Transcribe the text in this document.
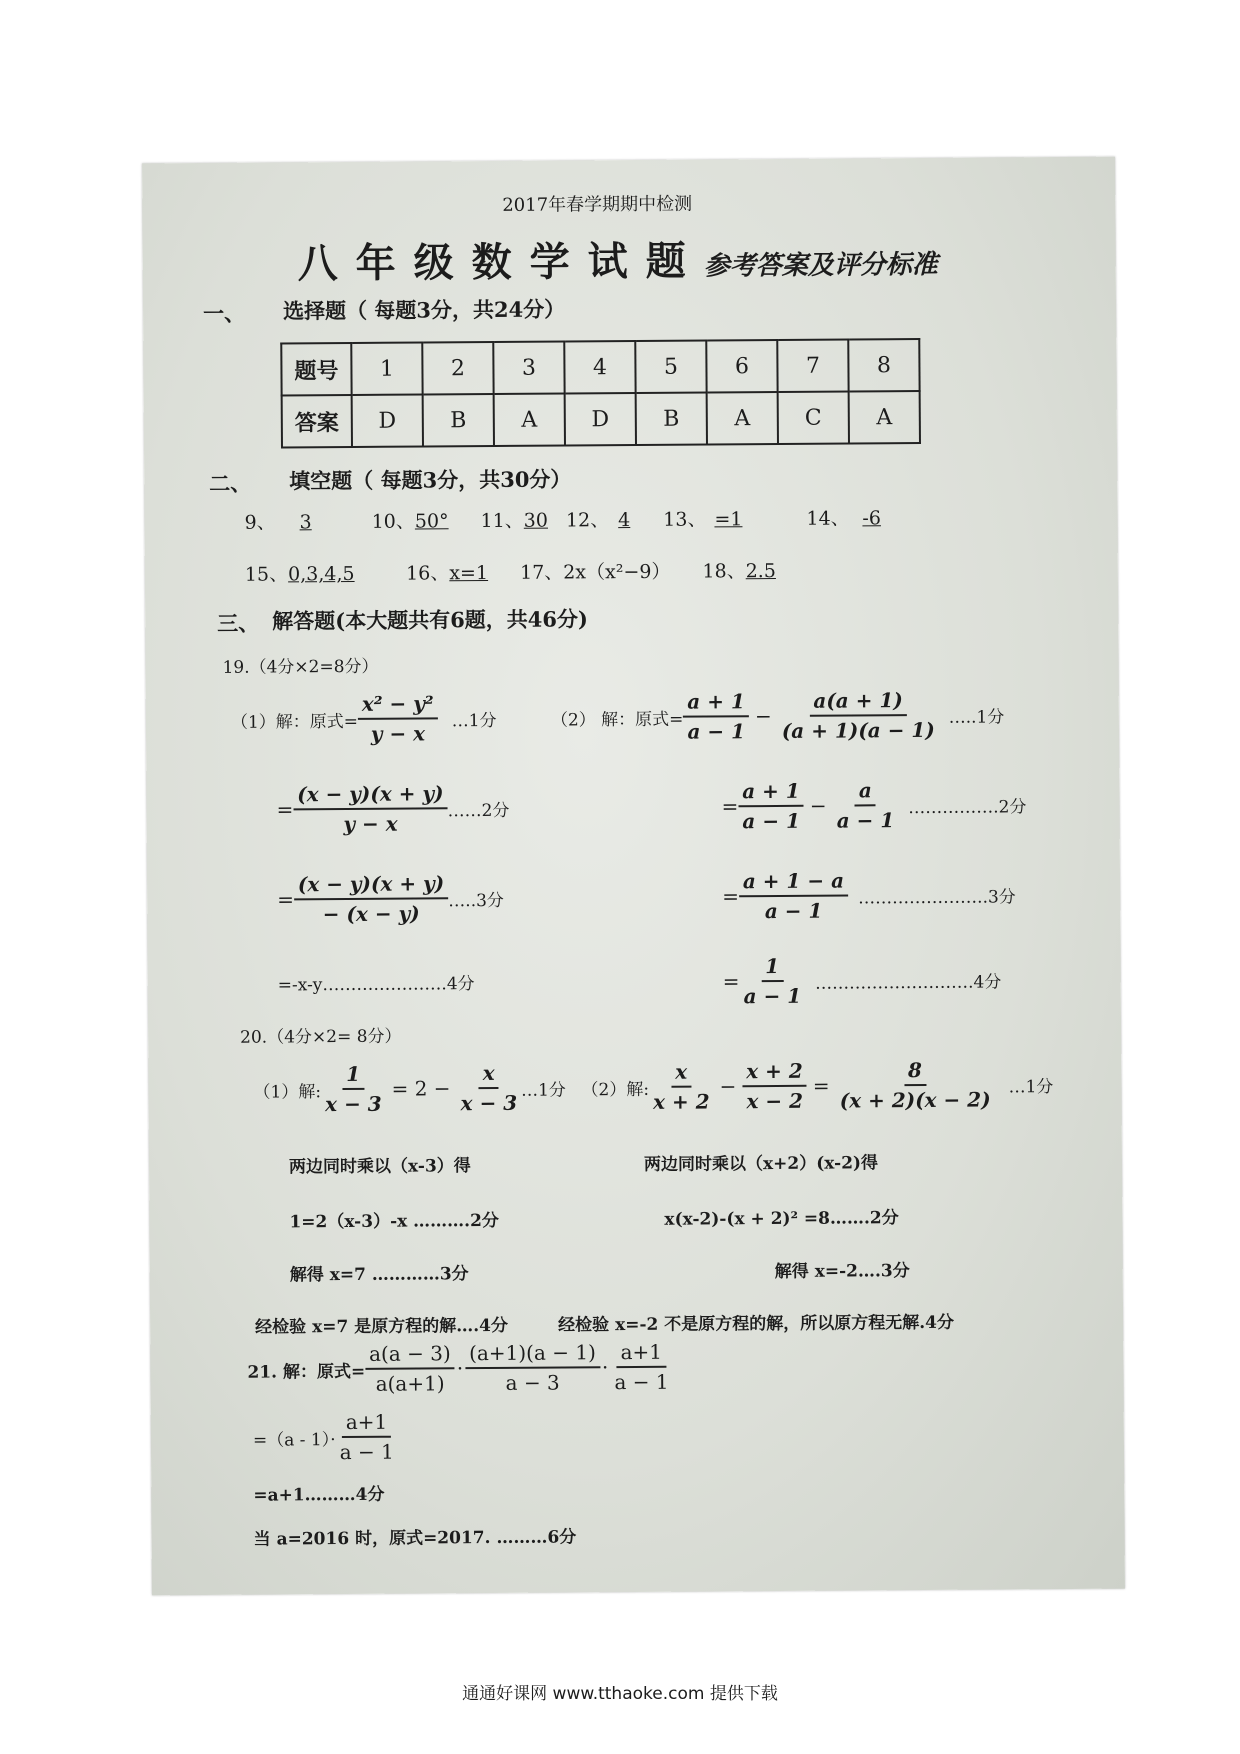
2017年春学期期中检测
八年级数学试题参考答案及评分标准
一、 选择题（ 每题3分，共24分）
题号	1	2	3	4	5	6	7	8
答案	D	B	A	D	B	A	C	A
二、 填空题（ 每题3分，共30分）
9、 3	10、50° 11、30 12、 4 13、 =1	14、 -6
15、0,3,4,5	16、x=1 17、2x（x²−9） 18、2.5
三、 解答题(本大题共有6题，共46分)
19.（4分×2=8分）
（1）解：原式= $\frac{\text{x² − y²}}{y - x}$ …1分
= $\frac{(x - y)(x + y)}{y - x}$ ……2分
= $\frac{(x - y)(x + y)}{- (x - y)}$ …..3分
=-x-y………………….4分
（2） 解：原式= $\frac{a + 1}{a - 1} - \frac{a(a + 1)}{(a + 1)(a - 1)}$ …..1分
= $\frac{a + 1}{a - 1} - \frac{a}{a - 1}$ …………….2分
= $\frac{a + 1 - a}{a - 1}$ …………………..3分
= $\frac{1}{a - 1}$ ……………………….4分
20.（4分×2= 8分）
（1）解: $\frac{1}{x - 3} = 2 - \frac{x}{x - 3}$ …1分
两边同时乘以（x-3）得
1=2（x-3）-x ……….2分
解得 x=7 …………3分
经检验 x=7 是原方程的解….4分
（2）解: $\frac{x}{x + 2} - \frac{x + 2}{x - 2} = \frac{8}{(x + 2)(x - 2)}$ …1分
两边同时乘以（x+2）(x-2)得
x(x-2)-(x + 2)² =8…….2分
解得 x=-2….3分
经检验 x=-2 不是原方程的解，所以原方程无解.4分
21. 解：原式= $\frac{a(a - 3)}{a(a+1)} \cdot \frac{(a+1)(a - 1)}{a - 3} \cdot \frac{a+1}{a - 1}$
$=(a - 1)\cdot \frac{a+1}{a - 1}$
=a+1………4分
当 a=2016 时，原式=2017. ………6分
通通好课网 www.tthaoke.com 提供下载
